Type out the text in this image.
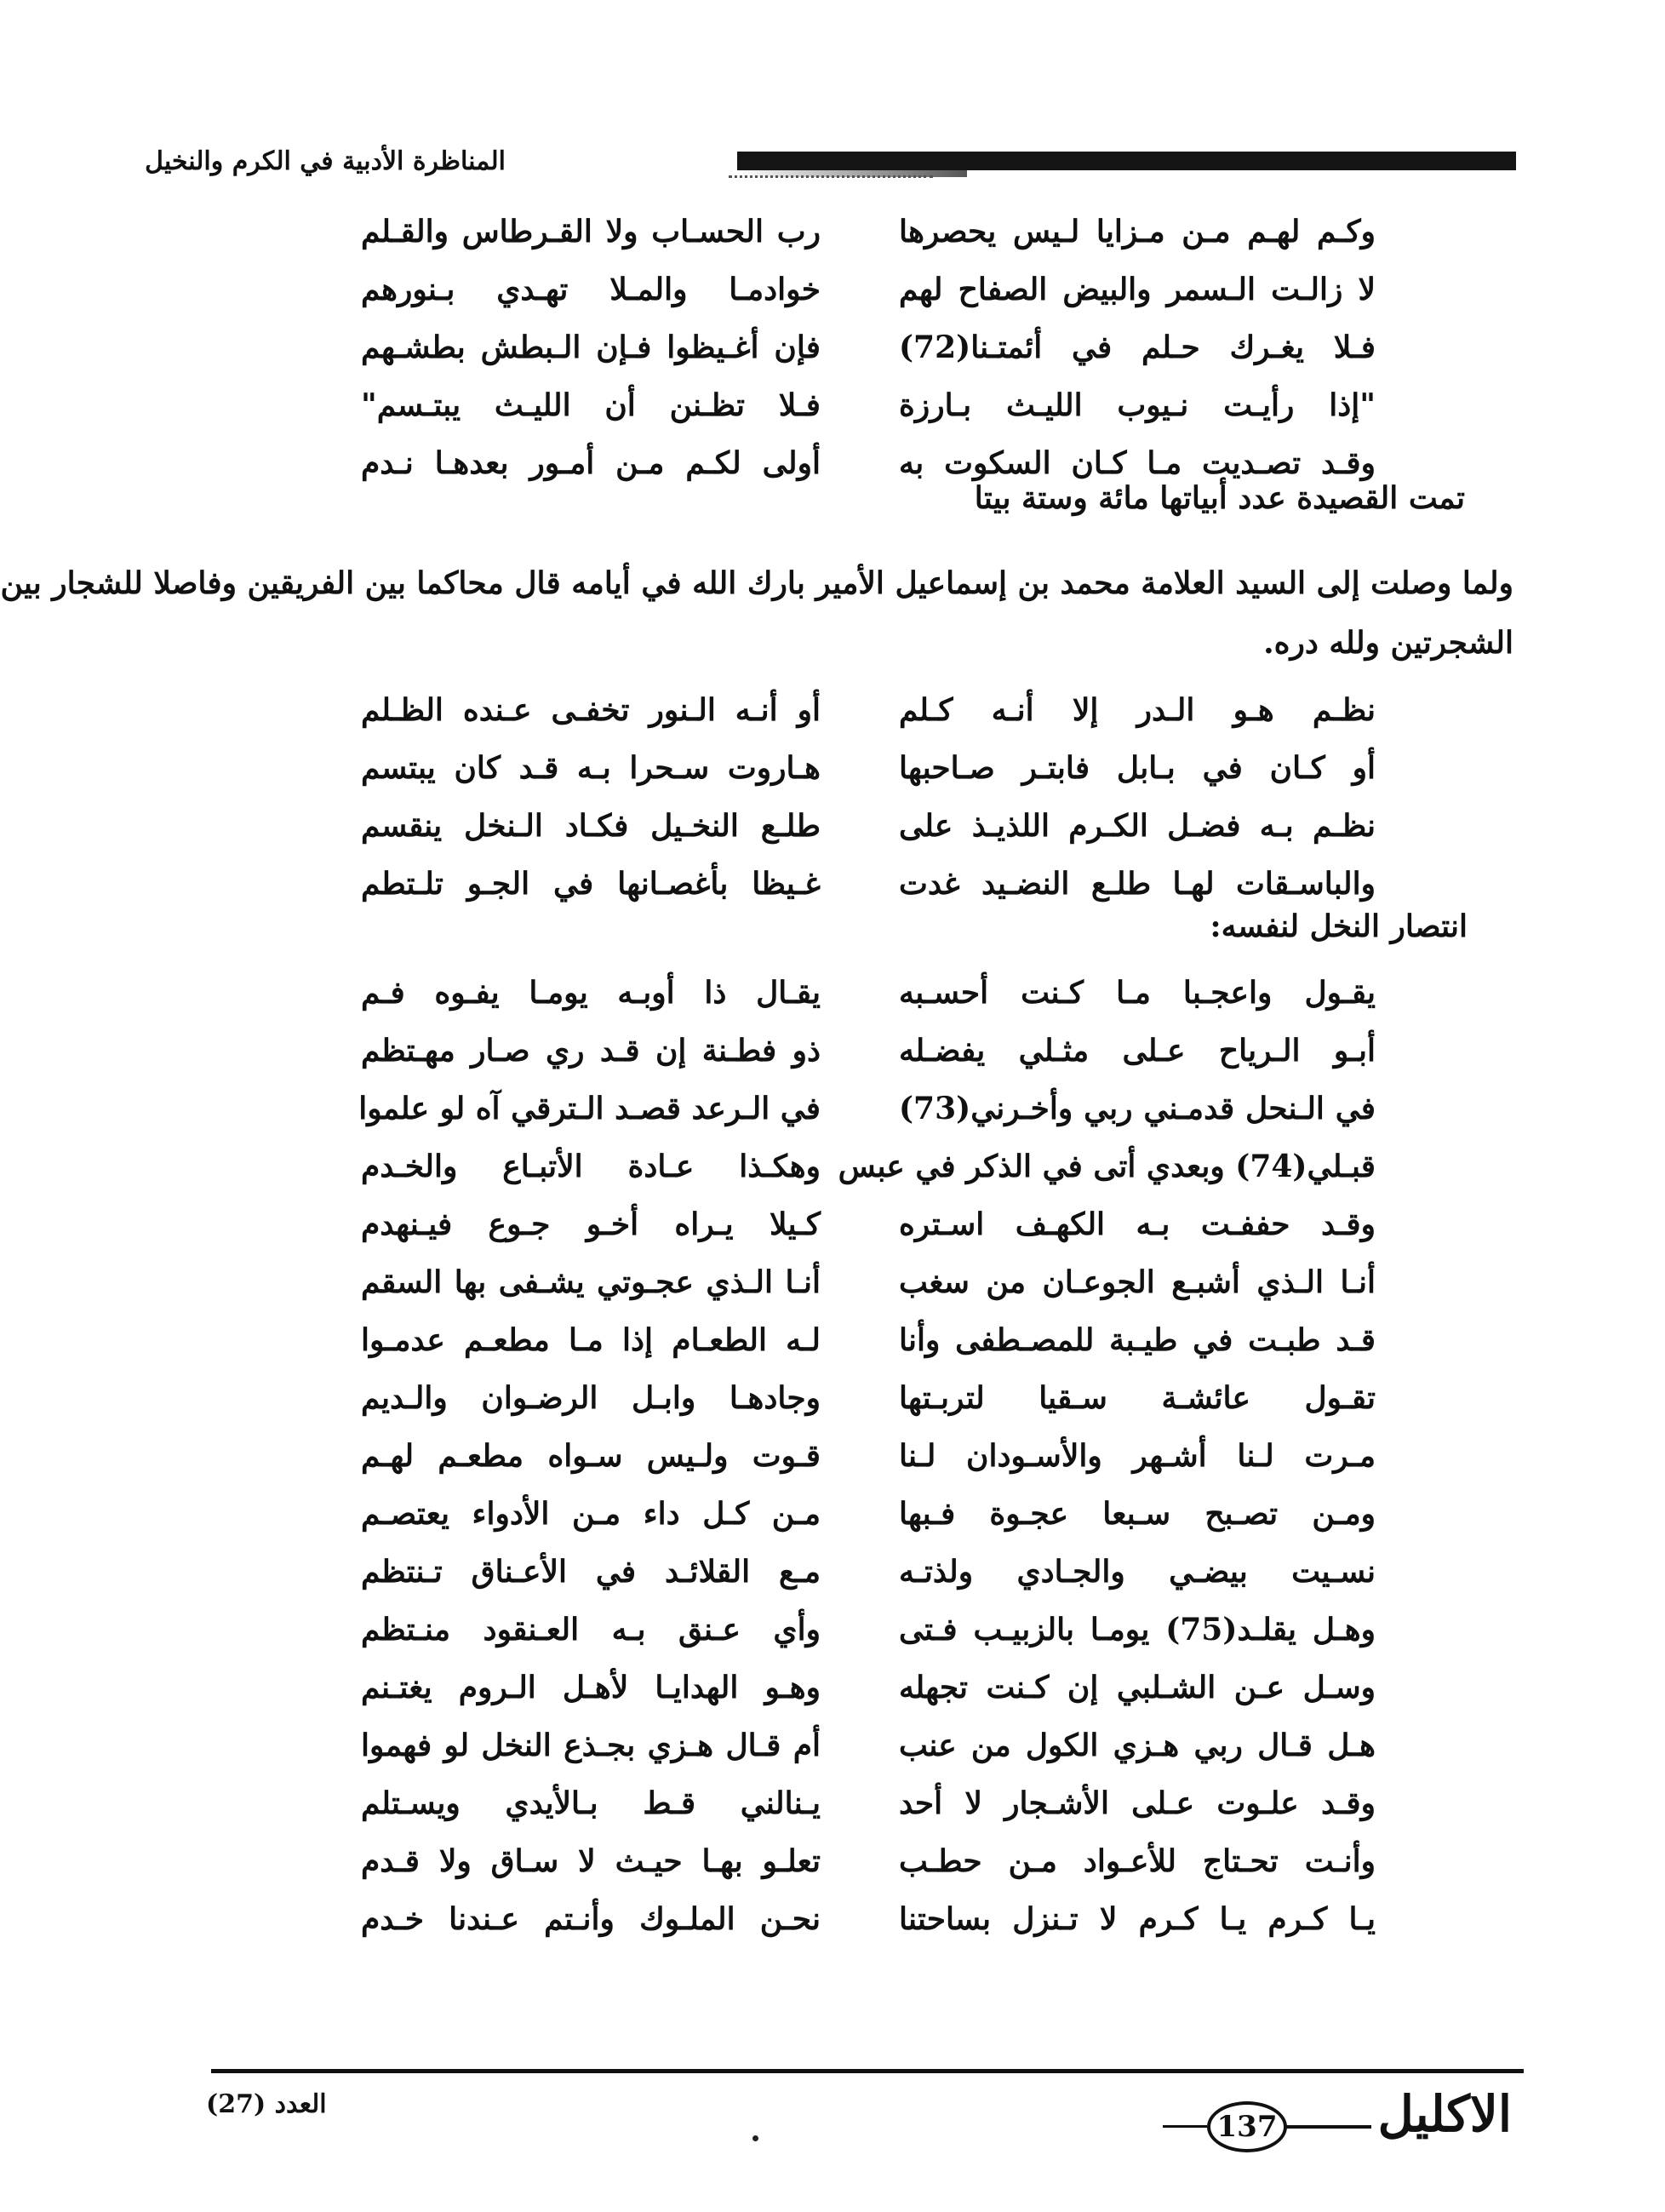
المناظرة الأدبية في الكرم والنخيل
وكـم لهـم مـن مـزايا لـيس يحصرها
رب الحسـاب ولا القـرطاس والقـلم
لا زالـت الـسمر والبيض الصفاح لهم
خوادمـا والمـلا تهـدي بـنورهم
فـلا يغـرك حـلم في أئمتـنا(72)
فإن أغـيظوا فـإن الـبطش بطشـهم
"إذا رأيـت نـيوب الليـث بـارزة
فـلا تظـنن أن الليـث يبتـسم"
وقـد تصـديت مـا كـان السكوت به
أولى لكـم مـن أمـور بعدهـا نـدم
تمت القصيدة عدد أبياتها مائة وستة بيتا
ولما وصلت إلى السيد العلامة محمد بن إسماعيل الأمير بارك الله في أيامه قال محاكما بين الفريقين وفاصلا للشجار بين
الشجرتين ولله دره.
نظـم هـو الـدر إلا أنـه كـلم
أو أنـه الـنور تخفـى عـنده الظـلم
أو كـان في بـابل فابتـر صـاحبها
هـاروت سـحرا بـه قـد كان يبتسم
نظـم بـه فضـل الكـرم اللذيـذ على
طلـع النخـيل فكـاد الـنخل ينقسم
والباسـقات لهـا طلـع النضـيد غدت
غـيظا بأغصـانها في الجـو تلـتطم
انتصار النخل لنفسه:
يقـول واعجـبا مـا كـنت أحسـبه
يقـال ذا أوبـه يومـا يفـوه فـم
أبـو الـرياح عـلى مثـلي يفضـله
ذو فطـنة إن قـد ري صـار مهـتظم
في الـنحل قدمـني ربي وأخـرني(73)
في الـرعد قصـد الـترقي آه لو علموا
قبـلي(74) وبعدي أتى في الذكر في عبس
وهكـذا عـادة الأتبـاع والخـدم
وقـد حففـت بـه الكهـف اسـتره
كـيلا يـراه أخـو جـوع فيـنهدم
أنـا الـذي أشبـع الجوعـان من سغب
أنـا الـذي عجـوتي يشـفى بها السقم
قـد طبـت في طيـبة للمصـطفى وأنا
لـه الطعـام إذا مـا مطعـم عدمـوا
تقـول عائشـة سـقيا لتربـتها
وجادهـا وابـل الرضـوان والـديم
مـرت لـنا أشـهر والأسـودان لـنا
قـوت ولـيس سـواه مطعـم لهـم
ومـن تصـبح سـبعا عجـوة فـبها
مـن كـل داء مـن الأدواء يعتصـم
نسـيت بيضـي والجـادي ولذتـه
مـع القلائـد في الأعـناق تـنتظم
وهـل يقلـد(75) يومـا بالزبيـب فـتى
وأي عـنق بـه العـنقود منـتظم
وسـل عـن الشـلبي إن كـنت تجهله
وهـو الهدايـا لأهـل الـروم يغتـنم
هـل قـال ربي هـزي الكول من عنب
أم قـال هـزي بجـذع النخل لو فهموا
وقـد علـوت عـلى الأشـجار لا أحد
يـنالني قـط بـالأيدي ويسـتلم
وأنـت تحـتاج للأعـواد مـن حطـب
تعلـو بهـا حيـث لا سـاق ولا قـدم
يـا كـرم يـا كـرم لا تـنزل بساحتنا
نحـن الملـوك وأنـتم عـندنا خـدم
العدد (27)	الاكليل
137
